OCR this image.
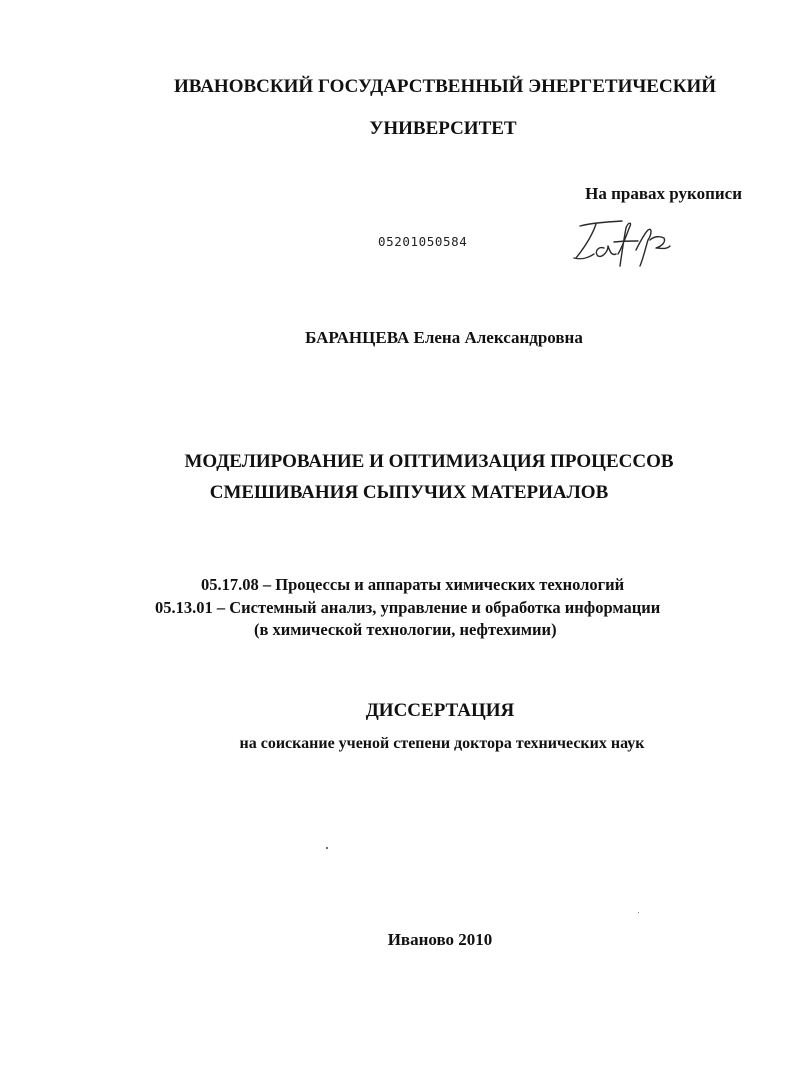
ИВАНОВСКИЙ ГОСУДАРСТВЕННЫЙ ЭНЕРГЕТИЧЕСКИЙ
УНИВЕРСИТЕТ
На правах рукописи
05201050584
БАРАНЦЕВА Елена Александровна
МОДЕЛИРОВАНИЕ И ОПТИМИЗАЦИЯ ПРОЦЕССОВ
СМЕШИВАНИЯ СЫПУЧИХ МАТЕРИАЛОВ
05.17.08 – Процессы и аппараты химических технологий
05.13.01 – Системный анализ, управление и обработка информации
(в химической технологии, нефтехимии)
ДИССЕРТАЦИЯ
на соискание ученой степени доктора технических наук
Иваново 2010
